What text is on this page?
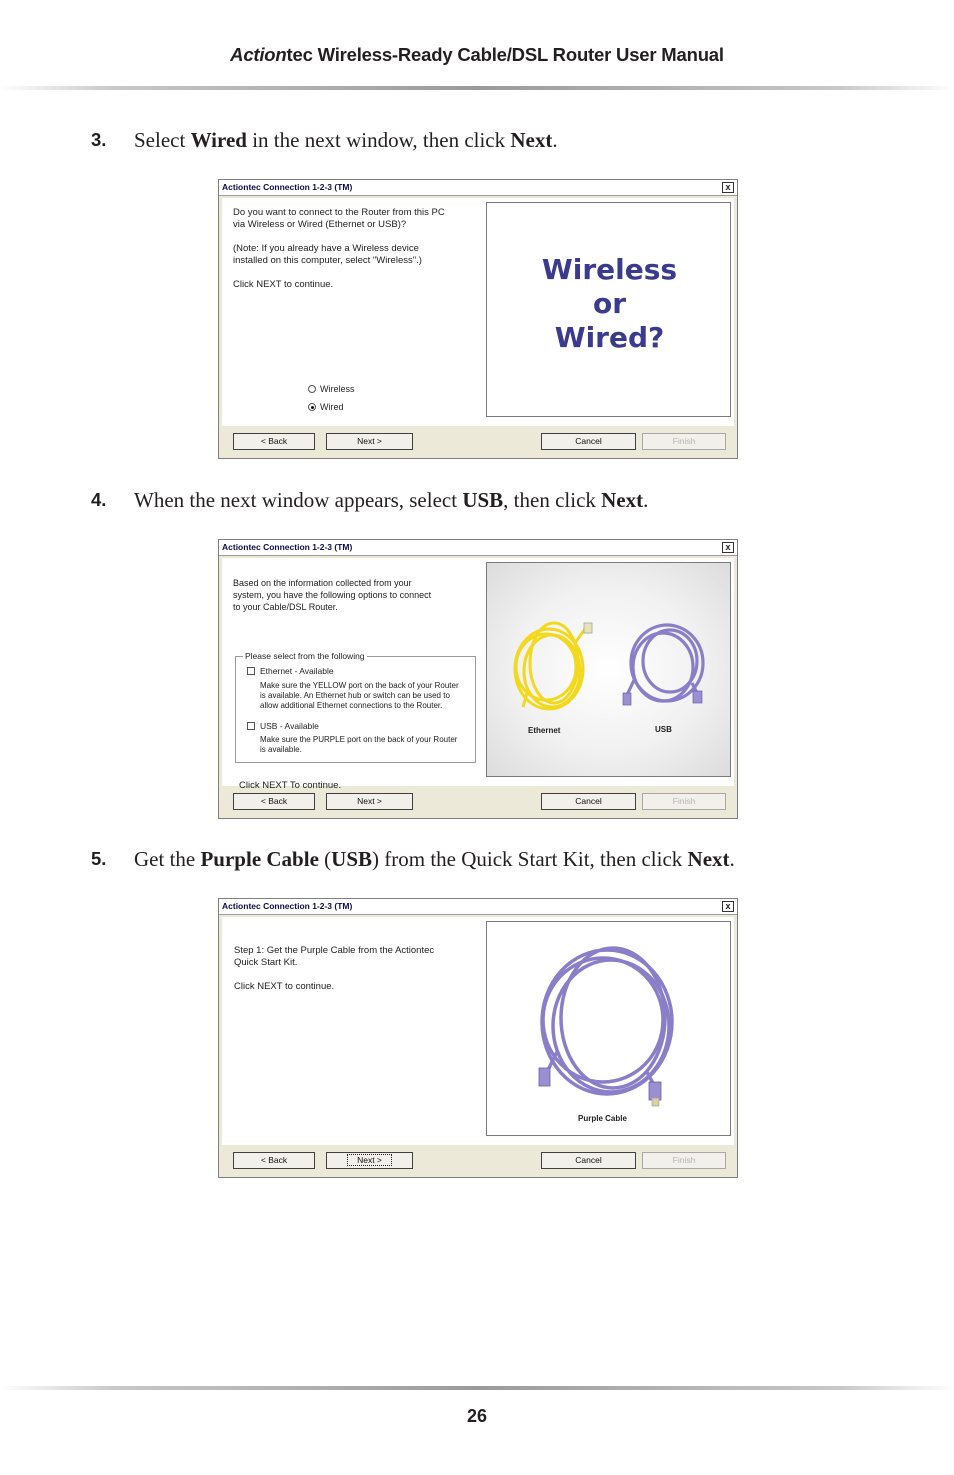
Actiontec Wireless-Ready Cable/DSL Router User Manual
3. Select Wired in the next window, then click Next.
Actiontec Connection 1-2-3 (TM)	x
Do you want to connect to the Router from this PC
via Wireless or Wired (Ethernet or USB)?
(Note: If you already have a Wireless device
installed on this computer, select "Wireless".)
Click NEXT to continue.
Wireless
Wired
Wireless
or
Wired?
< Back	Next >	Cancel	Finish
4. When the next window appears, select USB, then click Next.
Actiontec Connection 1-2-3 (TM)	x
Based on the information collected from your
system, you have the following options to connect
to your Cable/DSL Router.
Please select from the following
Ethernet - Available
Make sure the YELLOW port on the back of your Router
is available. An Ethernet hub or switch can be used to
allow additional Ethernet connections to the Router.
USB - Available
Make sure the PURPLE port on the back of your Router
is available.
Click NEXT To continue.
Ethernet	USB
< Back	Next >	Cancel	Finish
5. Get the Purple Cable (USB) from the Quick Start Kit, then click Next.
Actiontec Connection 1-2-3 (TM)	x
Step 1: Get the Purple Cable from the Actiontec
Quick Start Kit.
Click NEXT to continue.
Purple Cable
< Back	Next >	Cancel	Finish
26
